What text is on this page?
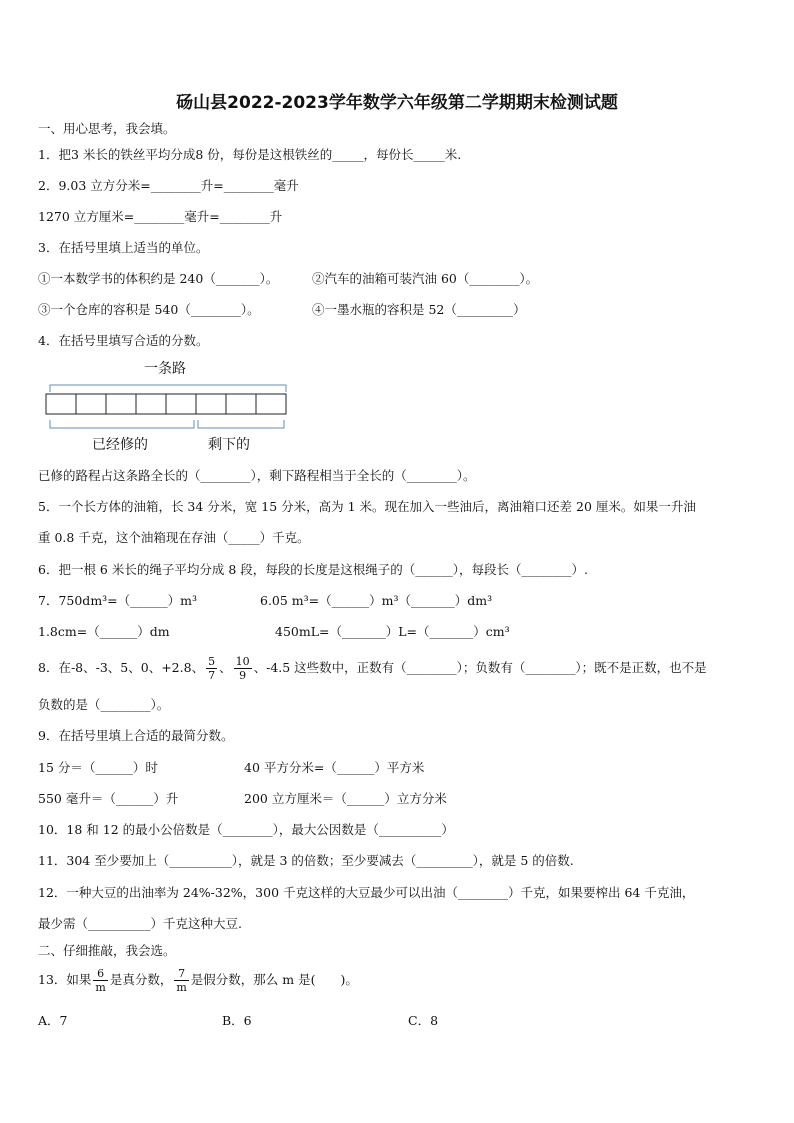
砀山县2022-2023学年数学六年级第二学期期末检测试题
一、用心思考，我会填。
1．把3 米长的铁丝平均分成8 份，每份是这根铁丝的_____，每份长_____米.
2．9.03 立方分米=________升=________毫升
1270 立方厘米=________毫升=________升
3．在括号里填上适当的单位。
①一本数学书的体积约是 240（_______）。	②汽车的油箱可装汽油 60（________）。
③一个仓库的容积是 540（________）。	④一墨水瓶的容积是 52（_________）
4．在括号里填写合适的分数。
一条路
已经修的	剩下的
已修的路程占这条路全长的（________），剩下路程相当于全长的（________）。
5．一个长方体的油箱，长 34 分米，宽 15 分米，高为 1 米。现在加入一些油后，离油箱口还差 20 厘米。如果一升油
重 0.8 千克，这个油箱现在存油（_____）千克。
6．把一根 6 米长的绳子平均分成 8 段，每段的长度是这根绳子的（______），每段长（________）.
7．750dm³=（______）m³	6.05 m³=（______）m³（_______）dm³
1.8cm=（______）dm	450mL=（_______）L=（_______）cm³
8．在-8、-3、5、0、+2.8、 $\frac{5}{7}$ 、 $\frac{10}{9}$ 、-4.5 这些数中，正数有（________）；负数有（________）；既不是正数，也不是
负数的是（________）。
9．在括号里填上合适的最简分数。
15 分＝（______）时	40 平方分米=（______）平方米
550 毫升＝（______）升	200 立方厘米＝（______）立方分米
10．18 和 12 的最小公倍数是（________），最大公因数是（__________）
11．304 至少要加上（__________），就是 3 的倍数；至少要减去（_________），就是 5 的倍数.
12．一种大豆的出油率为 24%-32%，300 千克这样的大豆最少可以出油（________）千克，如果要榨出 64 千克油，
最少需（__________）千克这种大豆.
二、仔细推敲，我会选。
13．如果 $\frac{6}{m}$ 是真分数， $\frac{7}{m}$ 是假分数，那么 m 是(　　)。
A．7	B．6	C．8
